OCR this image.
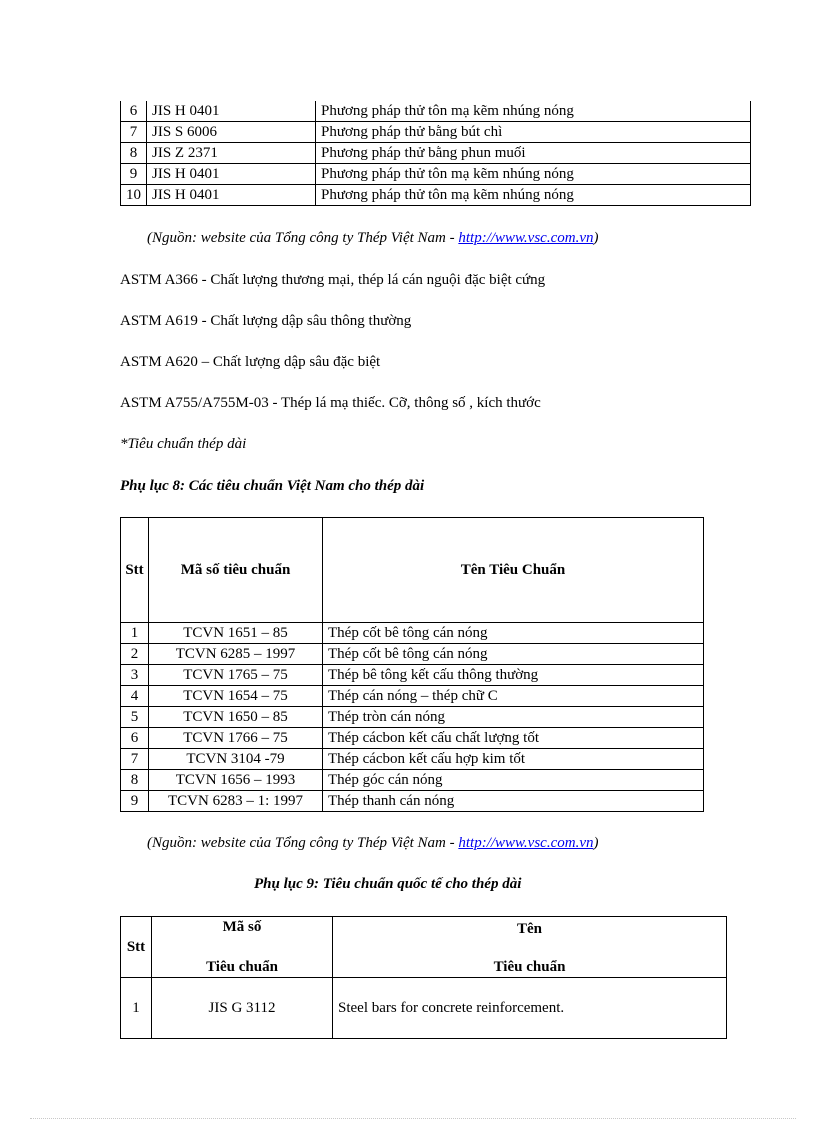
6	JIS H 0401	Phương pháp thử tôn mạ kẽm nhúng nóng
7	JIS S 6006	Phương pháp thử bằng bút chì
8	JIS Z 2371	Phương pháp thử bằng phun muối
9	JIS H 0401	Phương pháp thử tôn mạ kẽm nhúng nóng
10	JIS H 0401	Phương pháp thử tôn mạ kẽm nhúng nóng
(Nguồn: website của Tổng công ty Thép Việt Nam - http://www.vsc.com.vn)
ASTM A366 - Chất lượng thương mại, thép lá cán nguội đặc biệt cứng
ASTM A619 - Chất lượng dập sâu thông thường
ASTM A620 – Chất lượng dập sâu đặc biệt
ASTM A755/A755M-03 - Thép lá mạ thiếc. Cỡ, thông số , kích thước
*Tiêu chuẩn thép dài
Phụ lục 8: Các tiêu chuẩn Việt Nam cho thép dài
Stt	Mã số tiêu chuẩn	Tên Tiêu Chuẩn
1	TCVN 1651 – 85	Thép cốt bê tông cán nóng
2	TCVN 6285 – 1997	Thép cốt bê tông cán nóng
3	TCVN 1765 – 75	Thép bê tông kết cấu thông thường
4	TCVN 1654 – 75	Thép cán nóng – thép chữ C
5	TCVN 1650 – 85	Thép tròn cán nóng
6	TCVN 1766 – 75	Thép cácbon kết cấu chất lượng tốt
7	TCVN 3104 -79	Thép cácbon kết cấu hợp kim tốt
8	TCVN 1656 – 1993	Thép góc cán nóng
9	TCVN 6283 – 1: 1997	Thép thanh cán nóng
(Nguồn: website của Tổng công ty Thép Việt Nam - http://www.vsc.com.vn)
Phụ lục 9: Tiêu chuẩn quốc tế cho thép dài
Stt	Mã số	Tên
	Tiêu chuẩn	Tiêu chuẩn
1	JIS G 3112	Steel bars for concrete reinforcement.
